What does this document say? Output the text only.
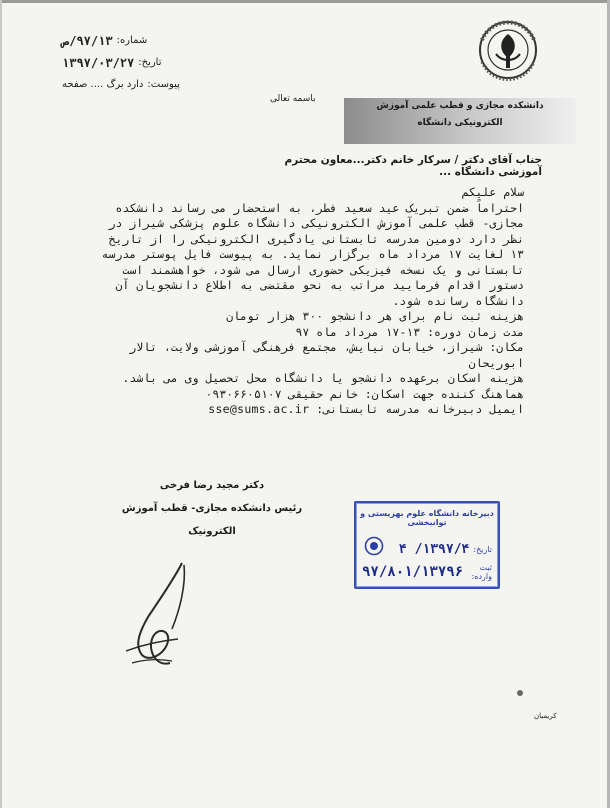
شماره:
۹۷/۱۳/ص
تاریخ:
۱۳۹۷/۰۳/۲۷
پیوست:
دارد برگ .... صفحه
باسمه تعالی
دانشکده مجازی و قطب علمی آموزش
الکترونیکی دانشگاه
جناب آقای دکتر / سرکار خانم دکتر...معاون محترم آموزشی دانشگاه ...

سلام علیکم

احتراماً ضمن تبریک عید سعید فطر، به استحضار می رساند دانشکده مجازی- قطب علمی آموزش الکترونیکی دانشگاه علوم پزشکی شیراز در نظر دارد دومین مدرسه تابستانی یادگیری الکترونیکی را از تاریخ ۱۳ لغایت ۱۷ مرداد ماه برگزار نماید. به پیوست فایل پوستر مدرسه تابستانی و یک نسخه فیزیکی حضوری ارسال می شود، خواهشمند است دستور اقدام فرمایید مراتب به نحو مقتضی به اطلاع دانشجویان آن دانشگاه رسانده شود.

هزینه ثبت نام برای هر دانشجو ۳۰۰ هزار تومان

مدت زمان دوره: ۱۳-۱۷ مرداد ماه ۹۷

مکان: شیراز، خیابان نیایش، مجتمع فرهنگی آموزشی ولایت، تالار ابوریحان

هزینه اسکان برعهده دانشجو یا دانشگاه محل تحصیل وی می باشد.

هماهنگ کننده جهت اسکان: خانم حقیقی ۰۹۳۰۶۶۰۵۱۰۷

ایمیل دبیرخانه مدرسه تابستانی: sse@sums.ac.ir

دکتر مجید رضا فرخی
رئیس دانشکده مجازی- قطب آموزش الکترونیک
دبیرخانه دانشگاه علوم بهزیستی و توانبخشی
تاریخ:
۱۳۹۷/۴/ ۴
ثبت وارده:
۹۷/۸۰۱/۱۳۷۹۶
کریمیان
